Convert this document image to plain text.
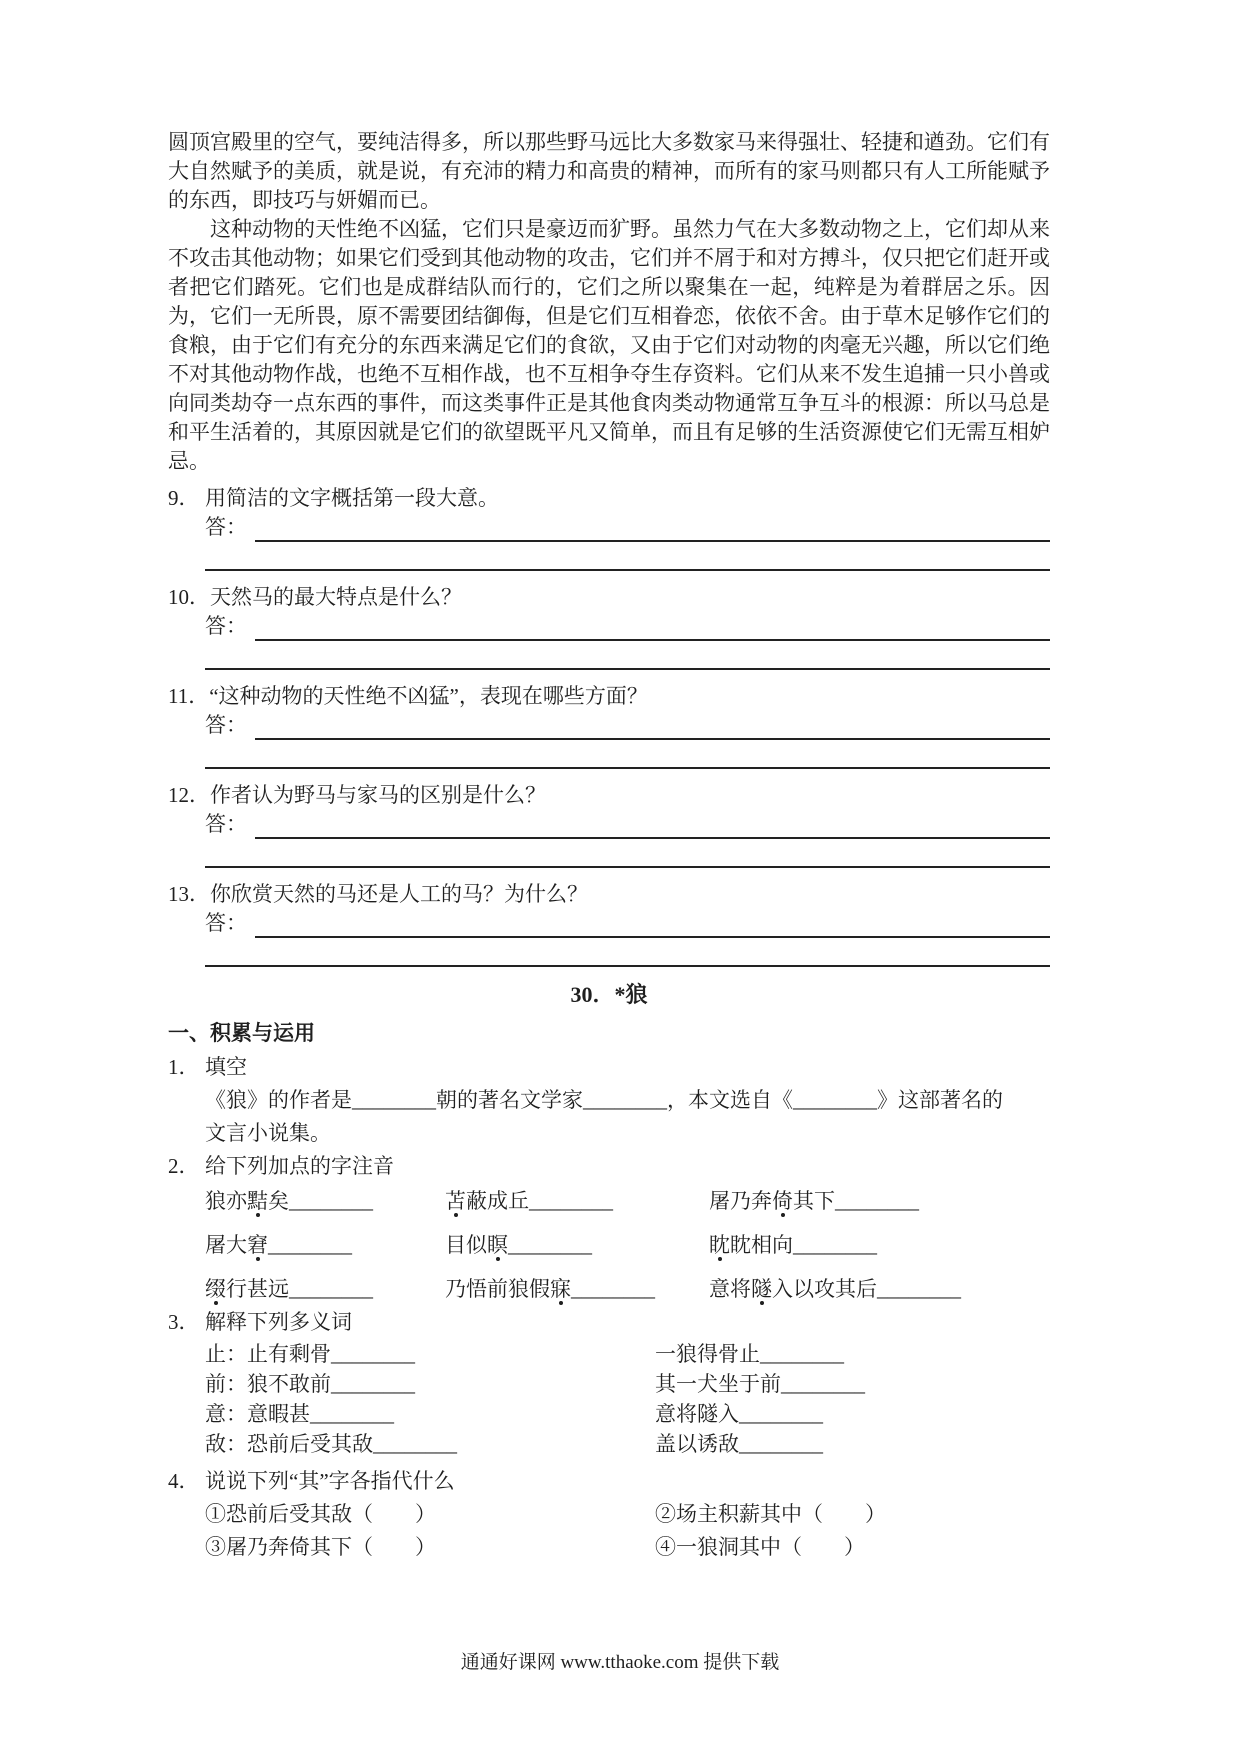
圆顶宫殿里的空气，要纯洁得多，所以那些野马远比大多数家马来得强壮、轻捷和遒劲。它们有大自然赋予的美质，就是说，有充沛的精力和高贵的精神，而所有的家马则都只有人工所能赋予的东西，即技巧与妍媚而已。

这种动物的天性绝不凶猛，它们只是豪迈而犷野。虽然力气在大多数动物之上，它们却从来不攻击其他动物；如果它们受到其他动物的攻击，它们并不屑于和对方搏斗，仅只把它们赶开或者把它们踏死。它们也是成群结队而行的，它们之所以聚集在一起，纯粹是为着群居之乐。因为，它们一无所畏，原不需要团结御侮，但是它们互相眷恋，依依不舍。由于草木足够作它们的食粮，由于它们有充分的东西来满足它们的食欲，又由于它们对动物的肉毫无兴趣，所以它们绝不对其他动物作战，也绝不互相作战，也不互相争夺生存资料。它们从来不发生追捕一只小兽或向同类劫夺一点东西的事件，而这类事件正是其他食肉类动物通常互争互斗的根源：所以马总是和平生活着的，其原因就是它们的欲望既平凡又简单，而且有足够的生活资源使它们无需互相妒忌。

9． 用简洁的文字概括第一段大意。
答：
10．天然马的最大特点是什么？
答：
11．“这种动物的天性绝不凶猛”，表现在哪些方面？
答：
12．作者认为野马与家马的区别是什么？
答：
13．你欣赏天然的马还是人工的马？为什么？
答：
30．*狼
一、积累与运用
1． 填空
《狼》的作者是________朝的著名文学家________，本文选自《________》这部著名的
文言小说集。
2． 给下列加点的字注音
狼亦黠矣________	苫蔽成丘________	屠乃奔倚其下________
屠大窘________	目似瞑________	眈眈相向________
缀行甚远________	乃悟前狼假寐________	意将隧入以攻其后________
3． 解释下列多义词
止：止有剩骨________	一狼得骨止________
前：狼不敢前________	其一犬坐于前________
意：意暇甚________	意将隧入________
敌：恐前后受其敌________	盖以诱敌________
4． 说说下列“其”字各指代什么
①恐前后受其敌（　　）	②场主积薪其中（　　）
③屠乃奔倚其下（　　）	④一狼洞其中（　　）
通通好课网 www.tthaoke.com 提供下载
